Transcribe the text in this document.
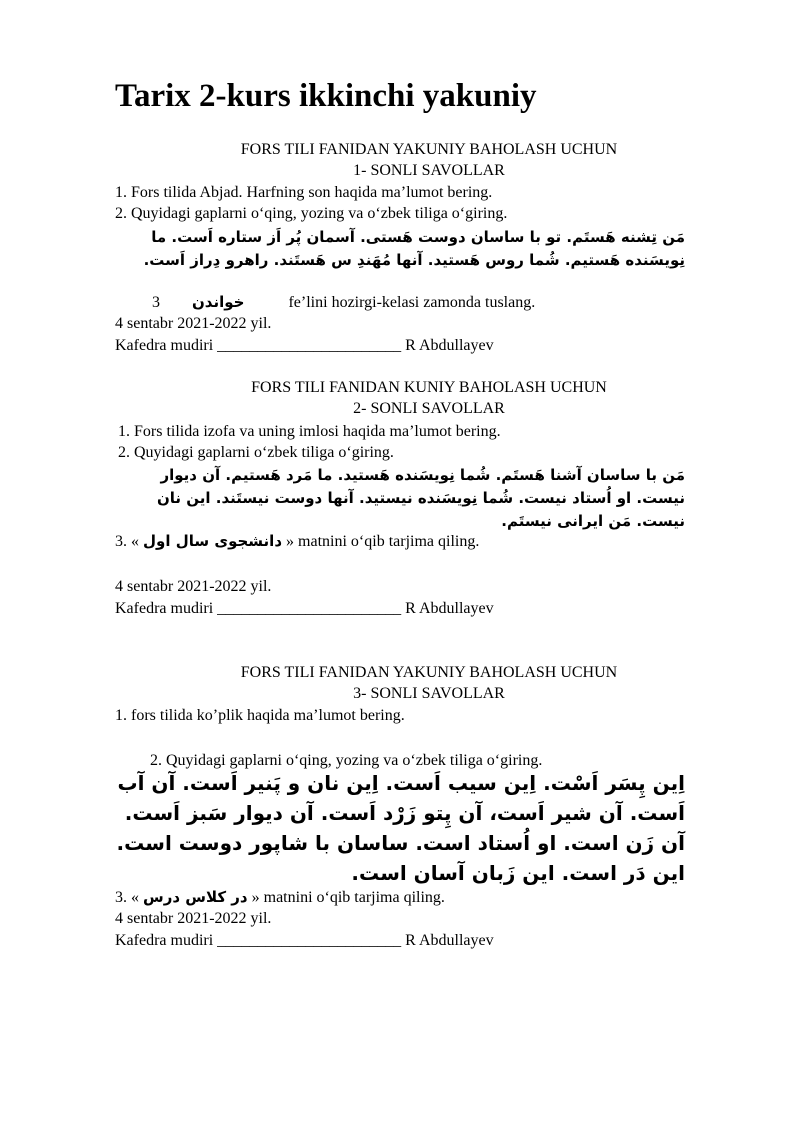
Tarix 2-kurs ikkinchi yakuniy
FORS TILI FANIDAN YAKUNIY BAHOLASH UCHUN
1- SONLI SAVOLLAR
1. Fors tilida Abjad. Harfning son haqida ma’lumot bering.
2. Quyidagi gaplarni o‘qing, yozing va o‘zbek tiliga o‘giring.
مَن تِشنه هَستَم. تو با ساسان دوست هَستی. آسمان پُر اَز ستاره اَست. ما نِویسَنده هَستیم. شُما روس هَستید. آنها مُهَندِ س هَستَند. راهرو دِراز اَست.
3 خواندن	fe’lini hozirgi-kelasi zamonda tuslang.
4 sentabr 2021-2022 yil.
Kafedra mudiri _______________________ R Abdullayev
FORS TILI FANIDAN KUNIY BAHOLASH UCHUN
2- SONLI SAVOLLAR
1. Fors tilida izofa va uning imlosi haqida ma’lumot bering.
2. Quyidagi gaplarni o‘zbek tiliga o‘giring.
مَن با ساسان آشنا هَستَم. شُما نِویسَنده هَستید. ما مَرد هَستیم. آن دیوار نیست. او اُستاد نیست. شُما نِویسَنده نیستید. آنها دوست نیستَند. این نان نیست. مَن ایرانی نیستَم.
3. « دانشجوی سال اول » matnini o‘qib tarjima qiling.
4 sentabr 2021-2022 yil.
Kafedra mudiri _______________________ R Abdullayev
FORS TILI FANIDAN YAKUNIY BAHOLASH UCHUN
3- SONLI SAVOLLAR
1. fors tilida ko’plik haqida ma’lumot bering.
2. Quyidagi gaplarni o‘qing, yozing va o‘zbek tiliga o‘giring.
اِین پِسَر اَسْت. اِین سیب اَست. اِین نان و پَنیر اَست. آن آب اَست. آن شیر اَست، آن پِتو زَرْد اَست. آن دیوار سَبز اَست. آن زَن است. او اُستاد است. ساسان با شاپور دوست است. این دَر است. این زَبان آسان است.
3. « در کلاس درس » matnini o‘qib tarjima qiling.
4 sentabr 2021-2022 yil.
Kafedra mudiri _______________________ R Abdullayev
